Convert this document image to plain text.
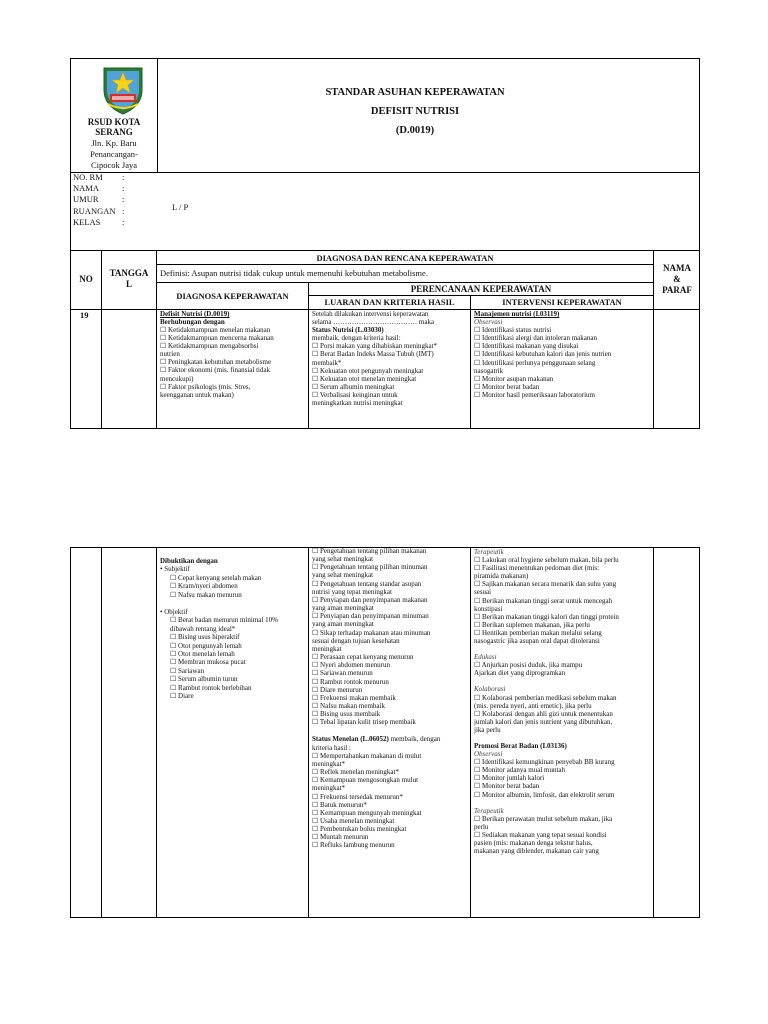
RSUD KOTA
SERANG
Jln. Kp. Baru
Penancangan-
Cipocok Jaya
STANDAR ASUHAN KEPERAWATAN
DEFISIT NUTRISI
(D.0019)
NO. RM
NAMA
UMUR
RUANGAN
KELAS
:
:
:
:
:
L / P
NO
TANGGA
L
DIAGNOSA DAN RENCANA KEPERAWATAN
Definisi: Asupan nutrisi tidak cukup untuk memenuhi kebutuhan metabolisme.
PERENCANAAN KEPERAWATAN
DIAGNOSA KEPERAWATAN
LUARAN DAN KRITERIA HASIL	INTERVENSI KEPERAWATAN
NAMA
&
PARAF
19	Defisit Nutrisi (D.0019)
Berhubungan dengan
☐ Ketidakmampuan menelan makanan
☐ Ketidakmampuan mencerna makanan
☐ Ketidakmampuan mengabsorbsi
nutrien
☐ Peningkatan kebutuhan metabolisme
☐ Faktor ekonomi (mis. finansial tidak
mencukupi)
☐ Faktor psikologis (mis. Stres,
keengganan untuk makan)
Setelah dilakukan intervensi keperawatan
selama ……………………………… maka
Status Nutrisi (L.03030)
membaik, dengan kriteria hasil:
☐ Porsi makan yang dihabiskan meningkat*
☐ Berat Badan Indeks Massa Tubuh (IMT)
membaik*
☐ Kekuatan otot pengunyah meningkat
☐ Kekuatan otot menelan meningkat
☐ Serum albumin meningkat
☐ Verbalisasi keinginan untuk
meningkatkan nutrisi meningkat
Manajemen nutrisi (I.03119)
Observasi
☐ Identifikasi status nutrisi
☐ Identifikasi alergi dan intoleran makanan
☐ Identifikasi makanan yang disukai
☐ Identifikasi kebutuhan kalori dan jenis nutrien
☐ Identifikasi perlunya penggunaan selang
nasogatrik
☐ Monitor asupan makanan
☐ Monitor berat badan
☐ Monitor hasil pemeriksaan laboratorium
Dibuktikan dengan
• Subjektif
☐ Cepat kenyang setelah makan
☐ Kram/nyeri abdomen
☐ Nafsu makan menurun
• Objektif
☐ Berat badan menurun minimal 10%
dibawah rentang ideal*
☐ Bising usus hiperaktif
☐ Otot pengunyah lemah
☐ Otot menelan lemah
☐ Membran mukosa pucat
☐ Sariawan
☐ Serum albumin turun
☐ Rambut rontok berlebihan
☐ Diare
☐ Pengetahuan tentang pilihan makanan
yang sehat meningkat
☐ Pengetahuan tentang pilihan minuman
yang sehat meningkat
☐ Pengetahuan tentang standar asupan
nutrisi yang tepat meningkat
☐ Penyiapan dan penyimpanan makanan
yang aman meningkat
☐ Penyiapan dan penyimpanan minuman
yang aman meningkat
☐ Sikap terhadap makanan atau minuman
sesuai dengan tujuan kesehatan
meningkat
☐ Perasaan cepat kenyang menurun
☐ Nyeri abdomen menurun
☐ Sariawan menurun
☐ Rambut rontok menurun
☐ Diare menurun
☐ Frekuensi makan membaik
☐ Nafsu makan membaik
☐ Bising usus membaik
☐ Tebal lipatan kulit trisep membaik
Status Menelan (L.06052) membaik, dengan
kriteria hasil :
☐ Mempertahankan makanan di mulut
meningkat*
☐ Reflek menelan meningkat*
☐ Kemampuan mengosongkan mulut
meningkat*
☐ Frekuensi tersedak menurun*
☐ Batuk menurun*
☐ Kemampuan mengunyah meningkat
☐ Usaha menelan meningkat
☐ Pembentukan bolus meningkat
☐ Muntah menurun
☐ Refluks lambung menurun
Terapeutik
☐ Lakukan oral hygiene sebelum makan, bila perlu
☐ Fasilitasi menentukan pedoman diet (mis:
piramida makanan)
☐ Sajikan makanan secara menarik dan suhu yang
sesuai
☐ Berikan makanan tinggi serat untuk mencegah
konstipasi
☐ Berikan makanan tinggi kalori dan tinggi protein
☐ Berikan suplemen makanan, jika perlu
☐ Hentikan pemberian makan melalui selang
nasogastric jika asupan oral dapat ditoleransi
Edukasi
☐ Anjurkan posisi duduk, jika mampu
Ajarkan diet yang diprogramkan
Kolaborasi
☐ Kolaborasi pemberian medikasi sebelum makan
(mis. pereda nyeri, anti emetic), jika perlu
☐ Kolaborasi dengan ahli gizi untuk menentukan
jumlah kalori dan jenis nutrient yang dibutuhkan,
jika perlu
Promosi Berat Badan (I.03136)
Observasi
☐ Identifikasi kemungkinan penyebab BB kurang
☐ Monitor adanya mual muntah
☐ Monitor jumlah kalori
☐ Monitor berat badan
☐ Monitor albumin, limfosit, dan elektrolit serum
Terapeutik
☐ Berikan perawatan mulut sebelum makan, jika
perlu
☐ Sediakan makanan yang tepat sesuai kondisi
pasien (mis: makanan denga tekstur halus,
makanan yang diblender, makanan cair yang
